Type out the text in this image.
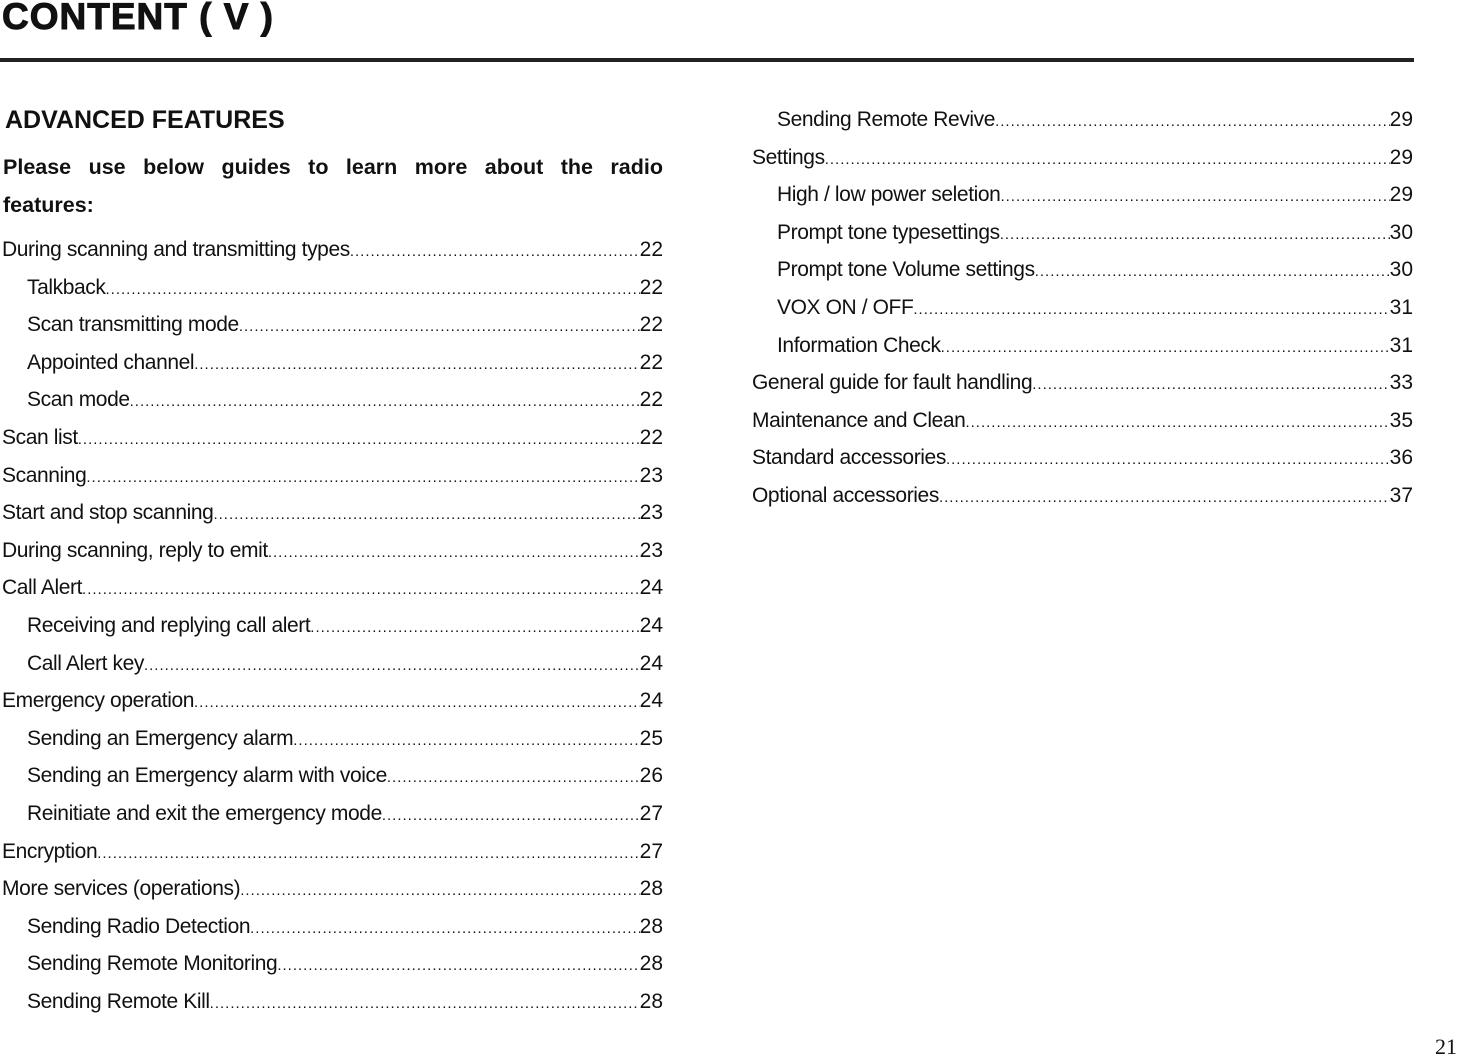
CONTENT ( V )
ADVANCED FEATURES
Please use below guides to learn more about the radio features:
During scanning and transmitting types .....	22
Talkback .....	22
Scan transmitting mode .....	22
Appointed channel .....	22
Scan mode .....	22
Scan list .....	22
Scanning .....	23
Start and stop scanning .....	23
During scanning, reply to emit .....	23
Call Alert .....	24
Receiving and replying call alert .....	24
Call Alert key .....	24
Emergency operation .....	24
Sending an Emergency alarm .....	25
Sending an Emergency alarm with voice .....	26
Reinitiate and exit the emergency mode .....	27
Encryption .....	27
More services (operations) .....	28
Sending Radio Detection .....	28
Sending Remote Monitoring .....	28
Sending Remote Kill .....	28
Sending Remote Revive .....	29
Settings .....	29
High / low power seletion .....	29
Prompt tone typesettings .....	30
Prompt tone Volume settings .....	30
VOX ON / OFF .....	31
Information Check .....	31
General guide for fault handling .....	33
Maintenance and Clean .....	35
Standard accessories .....	36
Optional accessories .....	37
21
